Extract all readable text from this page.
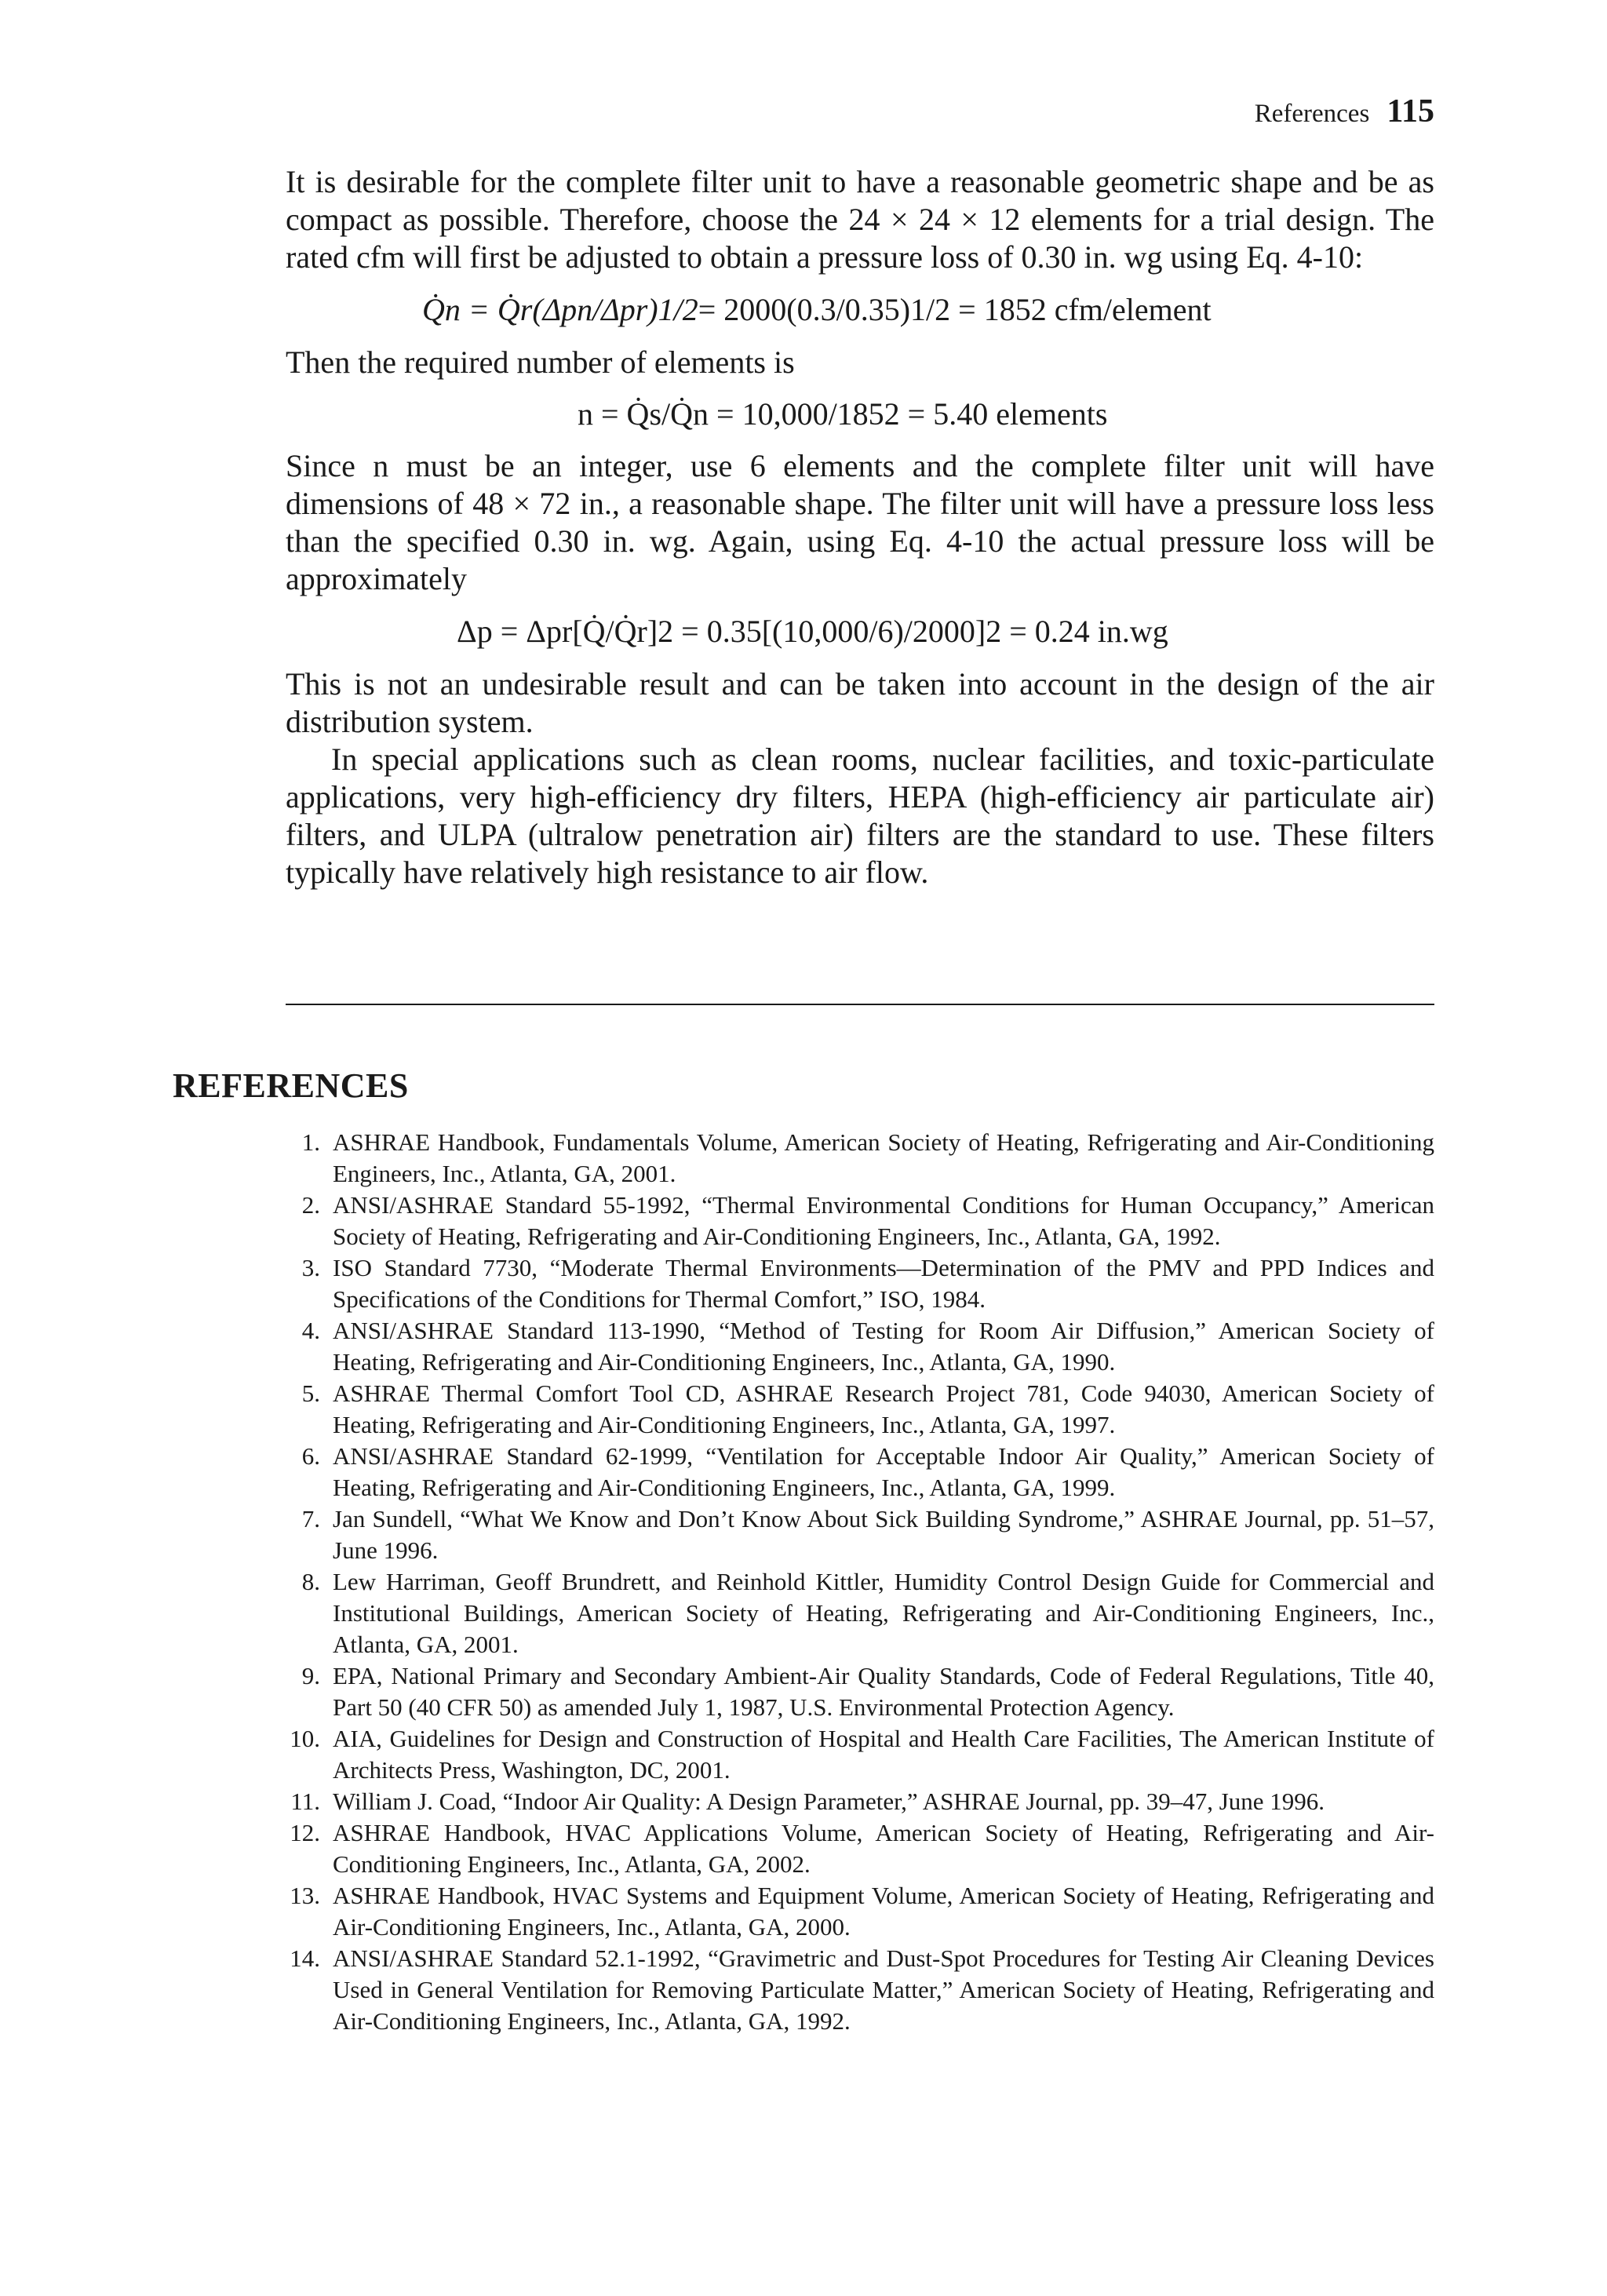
References 115

It is desirable for the complete filter unit to have a reasonable geometric shape and be as compact as possible. Therefore, choose the 24 × 24 × 12 elements for a trial design. The rated cfm will first be adjusted to obtain a pressure loss of 0.30 in. wg using Eq. 4-10:

Q̇n = Q̇r(Δpn/Δpr)1/2 = 2000(0.3/0.35)1/2 = 1852 cfm/element

Then the required number of elements is

n = Q̇s/Q̇n = 10,000/1852 = 5.40 elements

Since n must be an integer, use 6 elements and the complete filter unit will have dimensions of 48 × 72 in., a reasonable shape. The filter unit will have a pressure loss less than the specified 0.30 in. wg. Again, using Eq. 4-10 the actual pressure loss will be approximately

Δp = Δpr[Q̇/Q̇r]2 = 0.35[(10,000/6)/2000]2 = 0.24 in.wg

This is not an undesirable result and can be taken into account in the design of the air distribution system.

In special applications such as clean rooms, nuclear facilities, and toxic-particulate applications, very high-efficiency dry filters, HEPA (high-efficiency air particulate air) filters, and ULPA (ultralow penetration air) filters are the standard to use. These filters typically have relatively high resistance to air flow.

REFERENCES
1. ASHRAE Handbook, Fundamentals Volume, American Society of Heating, Refrigerating and Air-Conditioning Engineers, Inc., Atlanta, GA, 2001.
2. ANSI/ASHRAE Standard 55-1992, “Thermal Environmental Conditions for Human Occupancy,” American Society of Heating, Refrigerating and Air-Conditioning Engineers, Inc., Atlanta, GA, 1992.
3. ISO Standard 7730, “Moderate Thermal Environments—Determination of the PMV and PPD Indices and Specifications of the Conditions for Thermal Comfort,” ISO, 1984.
4. ANSI/ASHRAE Standard 113-1990, “Method of Testing for Room Air Diffusion,” American Society of Heating, Refrigerating and Air-Conditioning Engineers, Inc., Atlanta, GA, 1990.
5. ASHRAE Thermal Comfort Tool CD, ASHRAE Research Project 781, Code 94030, American Society of Heating, Refrigerating and Air-Conditioning Engineers, Inc., Atlanta, GA, 1997.
6. ANSI/ASHRAE Standard 62-1999, “Ventilation for Acceptable Indoor Air Quality,” American Society of Heating, Refrigerating and Air-Conditioning Engineers, Inc., Atlanta, GA, 1999.
7. Jan Sundell, “What We Know and Don’t Know About Sick Building Syndrome,” ASHRAE Journal, pp. 51–57, June 1996.
8. Lew Harriman, Geoff Brundrett, and Reinhold Kittler, Humidity Control Design Guide for Commercial and Institutional Buildings, American Society of Heating, Refrigerating and Air-Conditioning Engineers, Inc., Atlanta, GA, 2001.
9. EPA, National Primary and Secondary Ambient-Air Quality Standards, Code of Federal Regulations, Title 40, Part 50 (40 CFR 50) as amended July 1, 1987, U.S. Environmental Protection Agency.
10. AIA, Guidelines for Design and Construction of Hospital and Health Care Facilities, The American Institute of Architects Press, Washington, DC, 2001.
11. William J. Coad, “Indoor Air Quality: A Design Parameter,” ASHRAE Journal, pp. 39–47, June 1996.
12. ASHRAE Handbook, HVAC Applications Volume, American Society of Heating, Refrigerating and Air-Conditioning Engineers, Inc., Atlanta, GA, 2002.
13. ASHRAE Handbook, HVAC Systems and Equipment Volume, American Society of Heating, Refrigerating and Air-Conditioning Engineers, Inc., Atlanta, GA, 2000.
14. ANSI/ASHRAE Standard 52.1-1992, “Gravimetric and Dust-Spot Procedures for Testing Air Cleaning Devices Used in General Ventilation for Removing Particulate Matter,” American Society of Heating, Refrigerating and Air-Conditioning Engineers, Inc., Atlanta, GA, 1992.
